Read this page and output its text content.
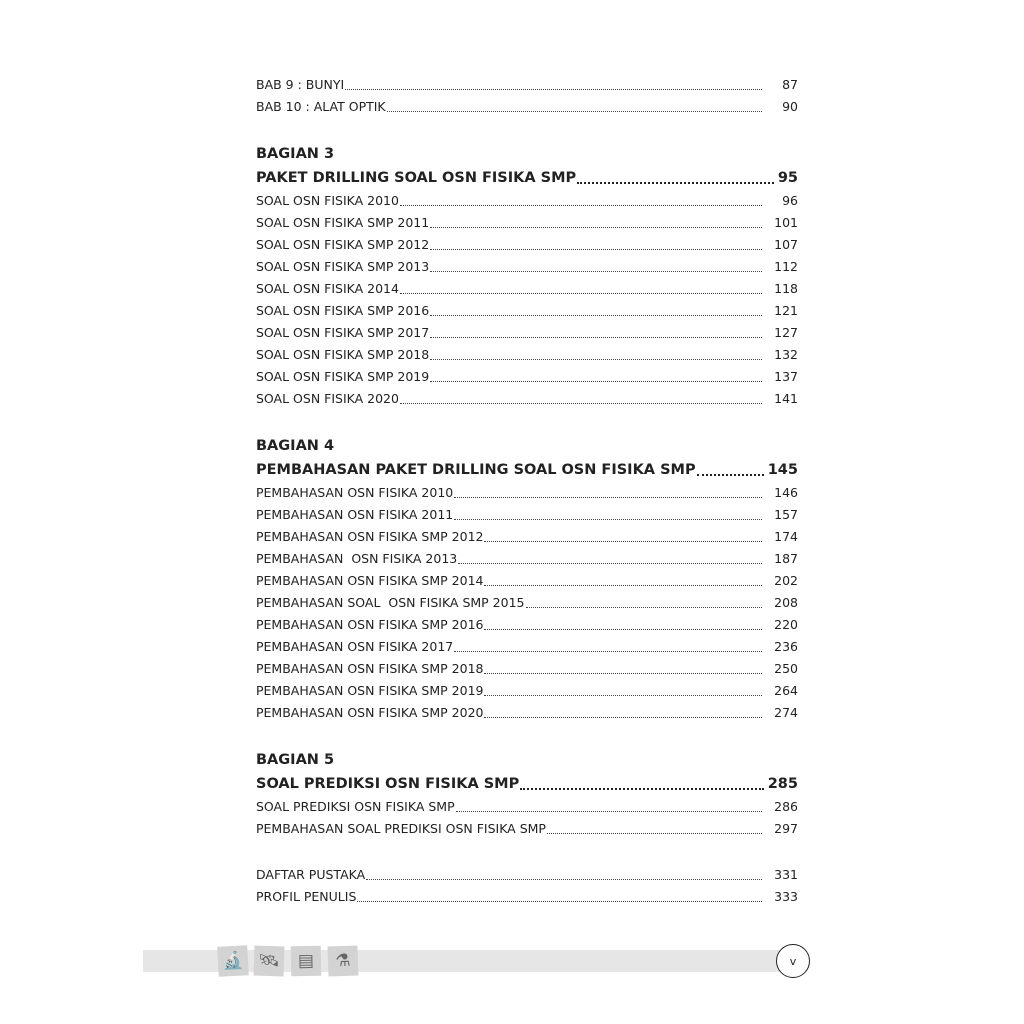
BAB 9 : BUNYI	87
BAB 10 : ALAT OPTIK	90
BAGIAN 3
PAKET DRILLING SOAL OSN FISIKA SMP	95
SOAL OSN FISIKA 2010	96
SOAL OSN FISIKA SMP 2011	101
SOAL OSN FISIKA SMP 2012	107
SOAL OSN FISIKA SMP 2013	112
SOAL OSN FISIKA 2014	118
SOAL OSN FISIKA SMP 2016	121
SOAL OSN FISIKA SMP 2017	127
SOAL OSN FISIKA SMP 2018	132
SOAL OSN FISIKA SMP 2019	137
SOAL OSN FISIKA 2020	141
BAGIAN 4
PEMBAHASAN PAKET DRILLING SOAL OSN FISIKA SMP	145
PEMBAHASAN OSN FISIKA 2010	146
PEMBAHASAN OSN FISIKA 2011	157
PEMBAHASAN OSN FISIKA SMP 2012	174
PEMBAHASAN  OSN FISIKA 2013	187
PEMBAHASAN OSN FISIKA SMP 2014	202
PEMBAHASAN SOAL  OSN FISIKA SMP 2015	208
PEMBAHASAN OSN FISIKA SMP 2016	220
PEMBAHASAN OSN FISIKA 2017	236
PEMBAHASAN OSN FISIKA SMP 2018	250
PEMBAHASAN OSN FISIKA SMP 2019	264
PEMBAHASAN OSN FISIKA SMP 2020	274
BAGIAN 5
SOAL PREDIKSI OSN FISIKA SMP	285
SOAL PREDIKSI OSN FISIKA SMP	286
PEMBAHASAN SOAL PREDIKSI OSN FISIKA SMP	297
DAFTAR PUSTAKA	331
PROFIL PENULIS	333
🔬 🛰	▤	⚗	v
